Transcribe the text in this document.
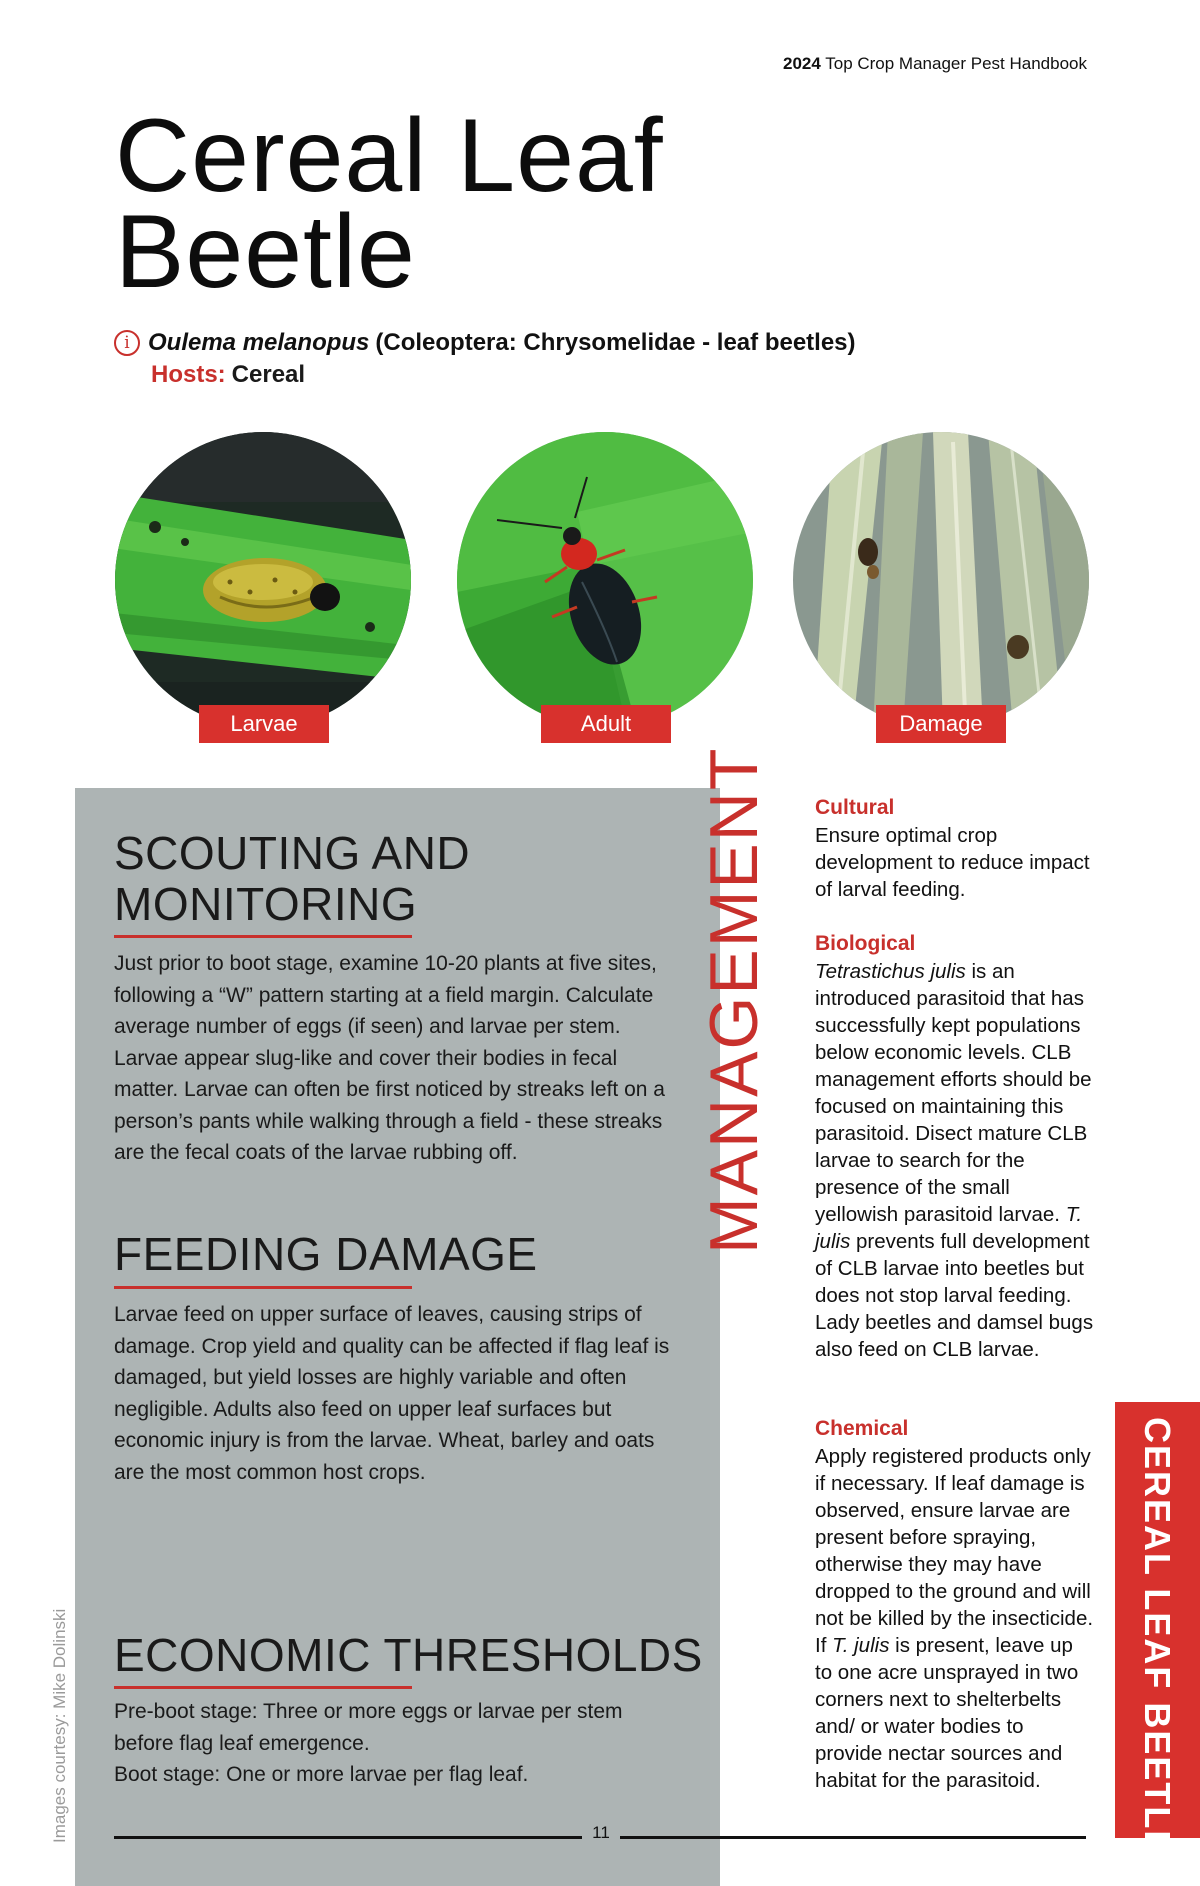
2024 Top Crop Manager Pest Handbook
Cereal Leaf
Beetle
i Oulema melanopus (Coleoptera: Chrysomelidae - leaf beetles)
Hosts: Cereal
Larvae	Adult	Damage
SCOUTING AND
MONITORING

Just prior to boot stage, examine 10-20 plants at five sites, following a “W” pattern starting at a field margin. Calculate average number of eggs (if seen) and larvae per stem. Larvae appear slug-like and cover their bodies in fecal matter. Larvae can often be first noticed by streaks left on a person’s pants while walking through a field - these streaks are the fecal coats of the larvae rubbing off.

FEEDING DAMAGE

Larvae feed on upper surface of leaves, causing strips of damage. Crop yield and quality can be affected if flag leaf is damaged, but yield losses are highly variable and often negligible. Adults also feed on upper leaf surfaces but economic injury is from the larvae. Wheat, barley and oats are the most common host crops.

ECONOMIC THRESHOLDS

Pre-boot stage: Three or more eggs or larvae per stem before flag leaf emergence.
Boot stage: One or more larvae per flag leaf.

MANAGEMENT Cultural

Ensure optimal crop development to reduce impact of larval feeding.

Biological

Tetrastichus julis is an introduced parasitoid that has successfully kept populations below economic levels. CLB management efforts should be focused on maintaining this parasitoid. Disect mature CLB larvae to search for the presence of the small yellowish parasitoid larvae. T. julis prevents full development of CLB larvae into beetles but does not stop larval feeding. Lady beetles and damsel bugs also feed on CLB larvae.

Chemical

Apply registered products only if necessary. If leaf damage is observed, ensure larvae are present before spraying, otherwise they may have dropped to the ground and will not be killed by the insecticide. If T. julis is present, leave up to one acre unsprayed in two corners next to shelterbelts and/ or water bodies to provide nectar sources and habitat for the parasitoid.	CEREAL LEAF BEETLE
Images courtesy: Mike Dolinski	11
